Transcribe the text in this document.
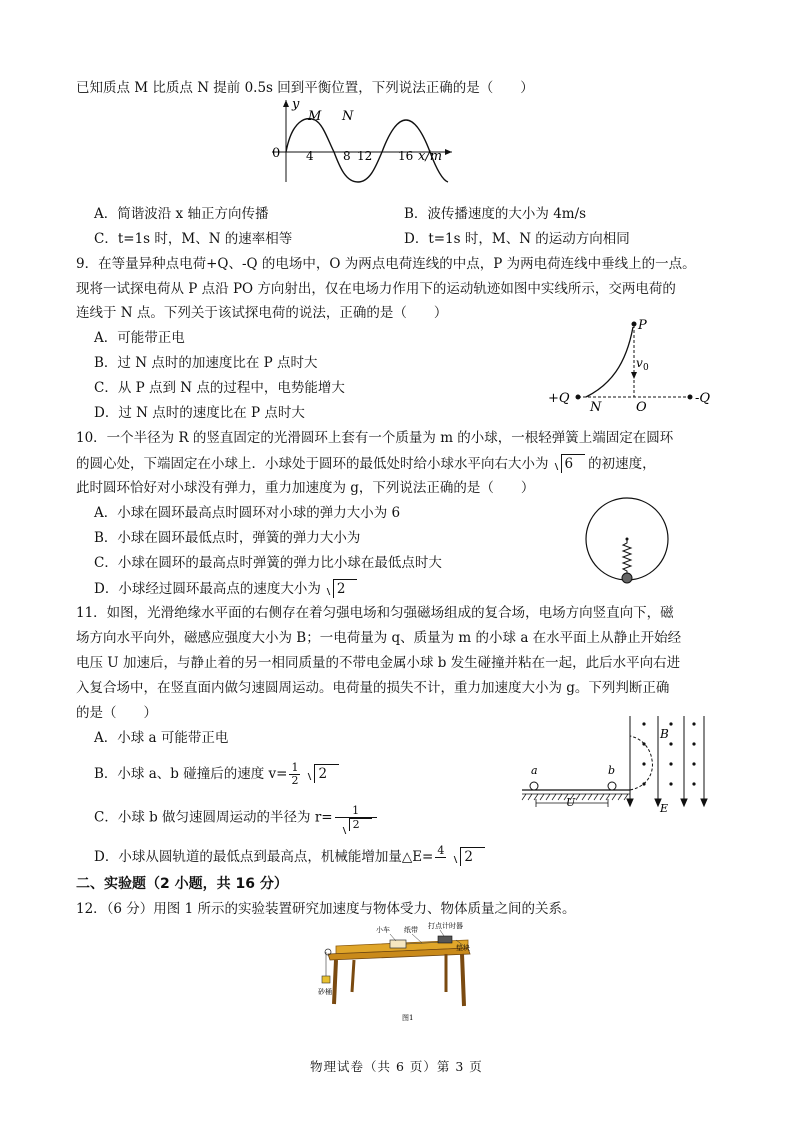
已知质点 M 比质点 N 提前 0.5s 回到平衡位置，下列说法正确的是（　　）
y
0
M N
4 8 12 16 x/m
A．简谐波沿 x 轴正方向传播	B．波传播速度的大小为 4m/s
C．t=1s 时，M、N 的速率相等	D．t=1s 时，M、N 的运动方向相同
9．在等量异种点电荷+Q、-Q 的电场中，O 为两点电荷连线的中点，P 为两电荷连线中垂线上的一点。
现将一试探电荷从 P 点沿 PO 方向射出，仅在电场力作用下的运动轨迹如图中实线所示，交两电荷的
连线于 N 点。下列关于该试探电荷的说法，正确的是（　　）
A．可能带正电
B．过 N 点时的加速度比在 P 点时大
C．从 P 点到 N 点的过程中，电势能增大
D．过 N 点时的速度比在 P 点时大
P
v 0
+Q
N	O
-Q
10．一个半径为 R 的竖直固定的光滑圆环上套有一个质量为 m 的小球，一根轻弹簧上端固定在圆环
的圆心处，下端固定在小球上．小球处于圆环的最低处时给小球水平向右大小为 6 的初速度，
此时圆环恰好对小球没有弹力，重力加速度为 g，下列说法正确的是（　　）
A．小球在圆环最高点时圆环对小球的弹力大小为 6
B．小球在圆环最低点时，弹簧的弹力大小为
C．小球在圆环的最高点时弹簧的弹力比小球在最低点时大
D．小球经过圆环最高点的速度大小为 2
11．如图，光滑绝缘水平面的右侧存在着匀强电场和匀强磁场组成的复合场，电场方向竖直向下，磁
场方向水平向外，磁感应强度大小为 B；一电荷量为 q、质量为 m 的小球 a 在水平面上从静止开始经
电压 U 加速后，与静止着的另一相同质量的不带电金属小球 b 发生碰撞并粘在一起，此后水平向右进
入复合场中，在竖直面内做匀速圆周运动。电荷量的损失不计，重力加速度大小为 g。下列判断正确
的是（　　）
A．小球 a 可能带正电
B．小球 a、b 碰撞后的速度 $v= \frac{1}{2} 2$
C．小球 b 做匀速圆周运动的半径为 $r= \frac{1}{2}$
D．小球从圆轨道的最低点到最高点，机械能增加量△E= 4
2
a	b
U
B
E
二、实验题（2 小题，共 16 分）
12．（6 分）用图 1 所示的实验装置研究加速度与物体受力、物体质量之间的关系。
小车 纸带 打点计时器
垫块
砂桶
图1
物理试卷（共 6 页）第 3 页
